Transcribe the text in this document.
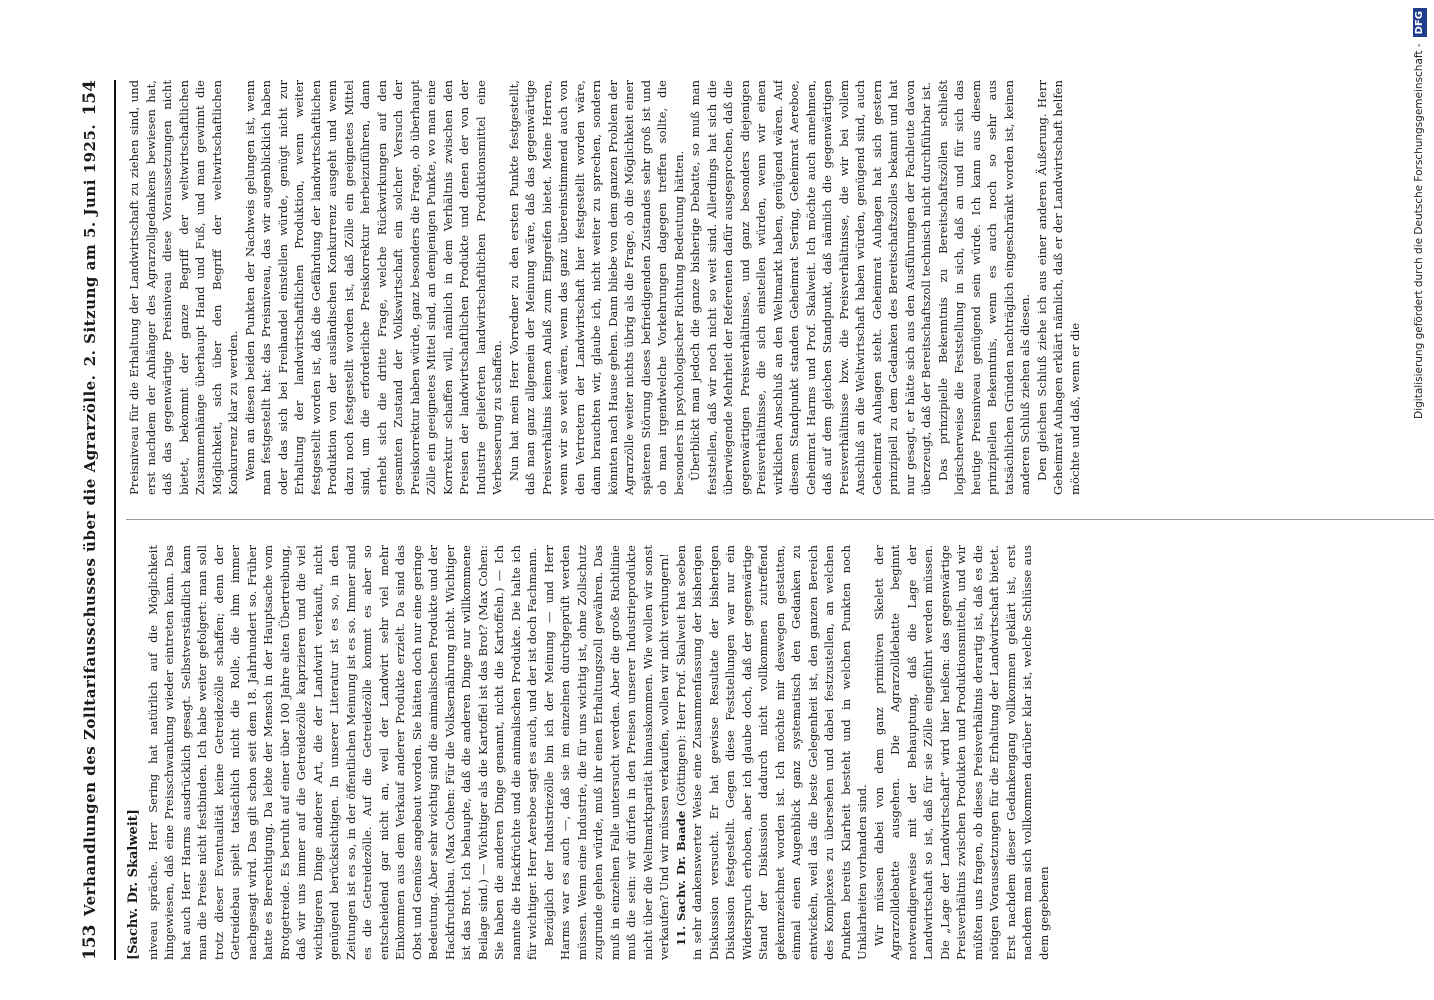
153
Verhandlungen des Zolltarifausschusses über die Agrarzölle.
2. Sitzung am 5. Juni 1925.
154

[Sachv. Dr. Skalweit] niveau spräche. Herr Sering hat natürlich auf die Möglichkeit hingewiesen, daß eine Preisschwankung wieder eintreten kann. Das hat auch Herr Harms ausdrücklich gesagt. Selbstverständlich kann man die Preise nicht festbinden. Ich habe weiter gefolgert: man soll trotz dieser Eventualität keine Getreidezölle schaffen; denn der Getreidebau spielt tatsächlich nicht die Rolle, die ihm immer nachgesagt wird. Das gilt schon seit dem 18. Jahrhundert so. Früher hatte es Berechtigung. Da lebte der Mensch in der Hauptsache vom Brotgetreide. Es beruht auf einer über 100 Jahre alten Übertreibung, daß wir uns immer auf die Getreidezölle kaprizieren und die viel wichtigeren Dinge anderer Art, die der Landwirt verkauft, nicht genügend berücksichtigen. In unserer Literatur ist es so, in den Zeitungen ist es so, in der öffentlichen Meinung ist es so. Immer sind es die Getreidezölle. Auf die Getreidezölle kommt es aber so entscheidend gar nicht an, weil der Landwirt sehr viel mehr Einkommen aus dem Verkauf anderer Produkte erzielt. Da sind das Obst und Gemüse angebaut worden. Sie hätten doch nur eine geringe Bedeutung. Aber sehr wichtig sind die animalischen Produkte und der Hackfruchtbau. (Max Cohen: Für die Volksernährung nicht. Wichtiger ist das Brot. Ich behaupte, daß die anderen Dinge nur willkommene Beilage sind.) — Wichtiger als die Kartoffel ist das Brot? (Max Cohen: Sie haben die anderen Dinge genannt, nicht die Kartoffeln.) — Ich nannte die Hackfrüchte und die animalischen Produkte. Die halte ich für wichtiger. Herr Aereboe sagt es auch, und der ist doch Fachmann. Bezüglich der Industriezölle bin ich der Meinung — und Herr Harms war es auch —, daß sie im einzelnen durchgeprüft werden müssen. Wenn eine Industrie, die für uns wichtig ist, ohne Zollschutz zugrunde gehen würde, muß ihr einen Erhaltungszoll gewähren. Das muß in einzelnen Falle untersucht werden. Aber die große Richtlinie muß die sein: wir dürfen in den Preisen unserer Industrieprodukte nicht über die Weltmarktparität hinauskommen. Wie wollen wir sonst verkaufen? Und wir müssen verkaufen, wollen wir nicht verhungern! 11. Sachv. Dr. Baade (Göttingen): Herr Prof. Skalweit hat soeben in sehr dankenswerter Weise eine Zusammenfassung der bisherigen Diskussion versucht. Er hat gewisse Resultate der bisherigen Diskussion festgestellt. Gegen diese Feststellungen war nur ein Widerspruch erhoben, aber ich glaube doch, daß der gegenwärtige Stand der Diskussion dadurch nicht vollkommen zutreffend gekennzeichnet worden ist. Ich möchte mir deswegen gestatten, einmal einen Augenblick ganz systematisch den Gedanken zu entwickeln, weil das die beste Gelegenheit ist, den ganzen Bereich des Komplexes zu übersehen und dabei festzustellen, an welchen Punkten bereits Klarheit besteht und in welchen Punkten noch Unklarheiten vorhanden sind. Wir müssen dabei von dem ganz primitiven Skelett der Agrarzolldebatte ausgehen. Die Agrarzolldebatte beginnt notwendigerweise mit der Behauptung, daß die Lage der Landwirtschaft so ist, daß für sie Zölle eingeführt werden müssen. Die „Lage der Landwirtschaft“ wird hier heißen: das gegenwärtige Preisverhältnis zwischen Produkten und Produktionsmitteln, und wir müßten uns fragen, ob dieses Preisverhältnis derartig ist, daß es die nötigen Voraussetzungen für die Erhaltung der Landwirtschaft bietet. Erst nachdem dieser Gedankengang vollkommen geklärt ist, erst nachdem man sich vollkommen darüber klar ist, welche Schlüsse aus dem gegebenen

Preisniveau für die Erhaltung der Landwirtschaft zu ziehen sind, und erst nachdem der Anhänger des Agrarzollgedankens bewiesen hat, daß das gegenwärtige Preisniveau diese Voraussetzungen nicht bietet, bekommt der ganze Begriff der weltwirtschaftlichen Zusammenhänge überhaupt Hand und Fuß, und man gewinnt die Möglichkeit, sich über den Begriff der weltwirtschaftlichen Konkurrenz klar zu werden. Wenn an diesen beiden Punkten der Nachweis gelungen ist, wenn man festgestellt hat: das Preisniveau, das wir augenblicklich haben oder das sich bei Freihandel einstellen würde, genügt nicht zur Erhaltung der landwirtschaftlichen Produktion, wenn weiter festgestellt worden ist, daß die Gefährdung der landwirtschaftlichen Produktion von der ausländischen Konkurrenz ausgeht und wenn dazu noch festgestellt worden ist, daß Zölle ein geeignetes Mittel sind, um die erforderliche Preiskorrektur herbeizuführen, dann erhebt sich die dritte Frage, welche Rückwirkungen auf den gesamten Zustand der Volkswirtschaft ein solcher Versuch der Preiskorrektur haben würde, ganz besonders die Frage, ob überhaupt Zölle ein geeignetes Mittel sind, an demjenigen Punkte, wo man eine Korrektur schaffen will, nämlich in dem Verhältnis zwischen den Preisen der landwirtschaftlichen Produkte und denen der von der Industrie gelieferten landwirtschaftlichen Produktionsmittel eine Verbesserung zu schaffen. Nun hat mein Herr Vorredner zu den ersten Punkte festgestellt, daß man ganz allgemein der Meinung wäre, daß das gegenwärtige Preisverhältnis keinen Anlaß zum Eingreifen bietet. Meine Herren, wenn wir so weit wären, wenn das ganz übereinstimmend auch von den Vertretern der Landwirtschaft hier festgestellt worden wäre, dann brauchten wir, glaube ich, nicht weiter zu sprechen, sondern könnten nach Hause gehen. Dann bliebe von dem ganzen Problem der Agrarzölle weiter nichts übrig als die Frage, ob die Möglichkeit einer späteren Störung dieses befriedigenden Zustandes sehr groß ist und ob man irgendwelche Vorkehrungen dagegen treffen sollte, die besonders in psychologischer Richtung Bedeutung hätten. Überblickt man jedoch die ganze bisherige Debatte, so muß man feststellen, daß wir noch nicht so weit sind. Allerdings hat sich die überwiegende Mehrheit der Referenten dafür ausgesprochen, daß die gegenwärtigen Preisverhältnisse, und ganz besonders diejenigen Preisverhältnisse, die sich einstellen würden, wenn wir einen wirklichen Anschluß an den Weltmarkt haben, genügend wären. Auf diesem Standpunkt standen Geheimrat Sering, Geheimrat Aereboe, Geheimrat Harms und Prof. Skalweit. Ich möchte auch annehmen, daß auf dem gleichen Standpunkt, daß nämlich die gegenwärtigen Preisverhältnisse bzw. die Preisverhältnisse, die wir bei vollem Anschluß an die Weltwirtschaft haben würden, genügend sind, auch Geheimrat Auhagen steht. Geheimrat Auhagen hat sich gestern prinzipiell zu dem Gedanken des Bereitschaftszolles bekannt und hat nur gesagt, er hätte sich aus den Ausführungen der Fachleute davon überzeugt, daß der Bereitschaftszoll technisch nicht durchführbar ist. Das prinzipielle Bekenntnis zu Bereitschaftszöllen schließt logischerweise die Feststellung in sich, daß an und für sich das heutige Preisniveau genügend sein würde. Ich kann aus diesem prinzipiellen Bekenntnis, wenn es auch noch so sehr aus tatsächlichen Gründen nachträglich eingeschränkt worden ist, keinen anderen Schluß ziehen als diesen. Den gleichen Schluß ziehe ich aus einer anderen Äußerung. Herr Geheimrat Auhagen erklärt nämlich, daß er der Landwirtschaft helfen möchte und daß, wenn er die	Digitalisierung gefördert durch die Deutsche Forschungsgemeinschaft -DFG
